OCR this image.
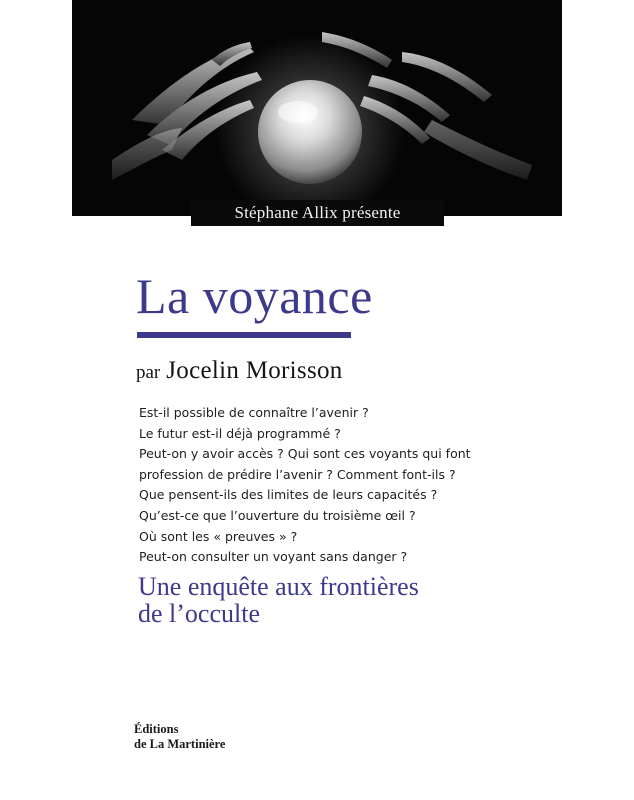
Stéphane Allix présente
La voyance
par Jocelin Morisson
Est-il possible de connaître l’avenir ?
Le futur est-il déjà programmé ?
Peut-on y avoir accès ? Qui sont ces voyants qui font
profession de prédire l’avenir ? Comment font-ils ?
Que pensent-ils des limites de leurs capacités ?
Qu’est-ce que l’ouverture du troisième œil ?
Où sont les « preuves » ?
Peut-on consulter un voyant sans danger ?
Une enquête aux frontières
de l’occulte
Éditions
de La Martinière
